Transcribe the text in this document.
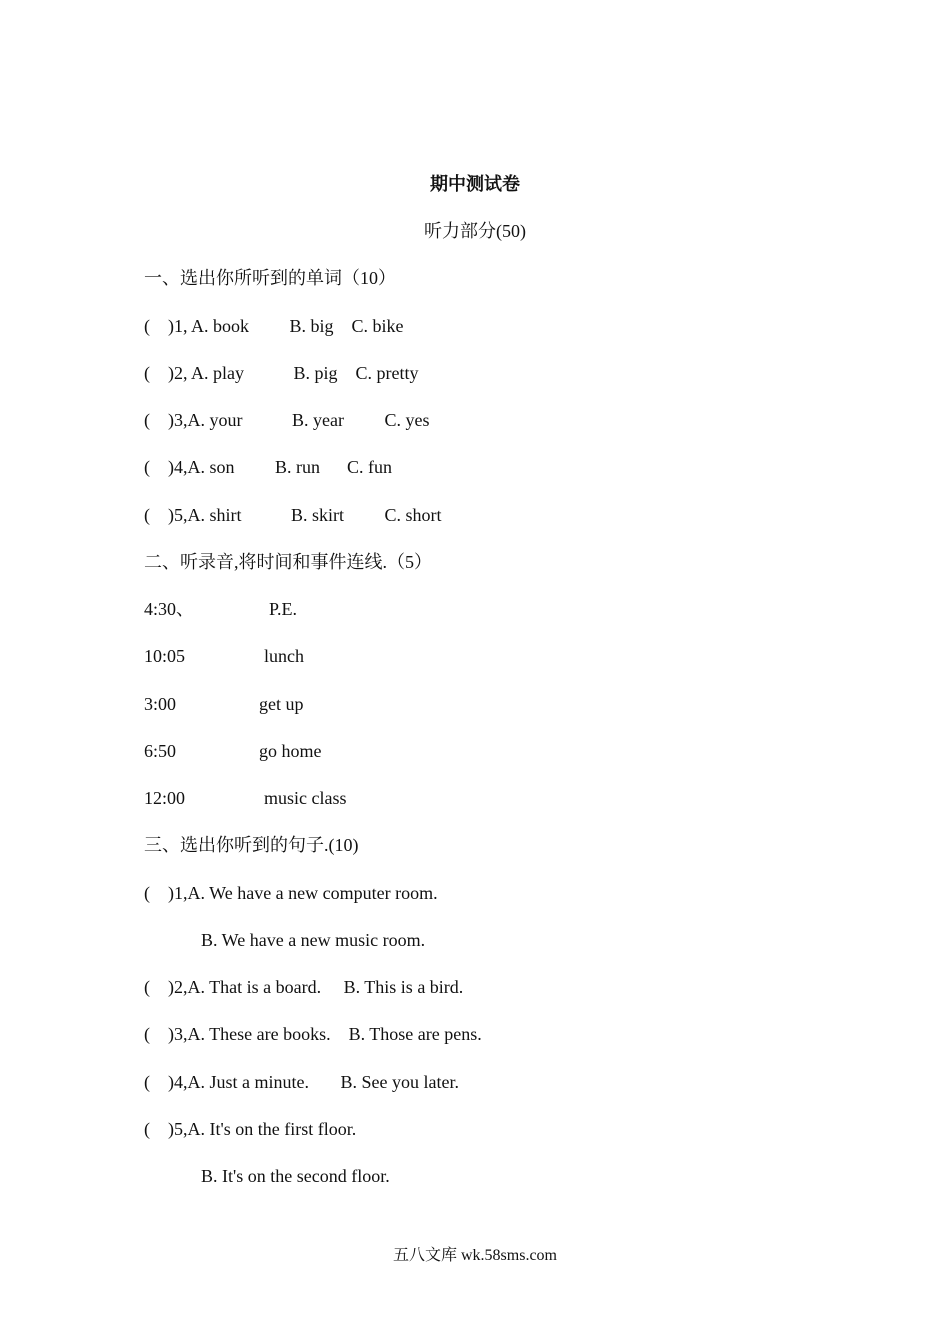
期中测试卷
听力部分(50)
一、选出你所听到的单词（10）
(    )1, A. book         B. big    C. bike
(    )2, A. play           B. pig    C. pretty
(    )3,A. your           B. year         C. yes
(    )4,A. son         B. run      C. fun
(    )5,A. shirt           B. skirt         C. short
二、听录音,将时间和事件连线.（5）
4:30、	P.E.
10:05	lunch
3:00	get up
6:50	go home
12:00	music class
三、选出你听到的句子.(10)
(    )1,A. We have a new computer room.
B. We have a new music room.
(    )2,A. That is a board.     B. This is a bird.
(    )3,A. These are books.    B. Those are pens.
(    )4,A. Just a minute.       B. See you later.
(    )5,A. It's on the first floor.
B. It's on the second floor.
五八文库 wk.58sms.com
